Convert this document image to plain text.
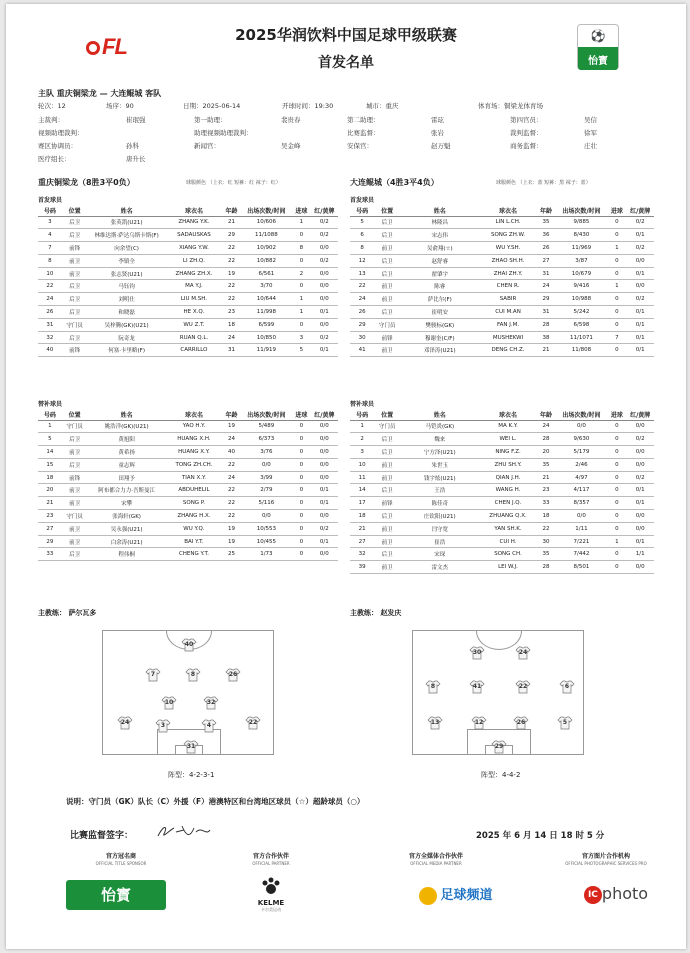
FL	2025华润饮料中国足球甲级联赛
首发名单
⚽
怡寳
主队 重庆铜梁龙 — 大连鲲城 客队
轮次：12	场序：90	日期：2025-06-14	开球时间：19:30	城市：重庆	体育场：铜梁龙体育场
主裁判：	崔珉强	第一助理：	裴贵春	第二助理：	雷玹	第四官员：	吴信
视频助理裁判：	助理视频助理裁判：	比赛监督：	张岩	裁判监督：	徐军
赛区协调员：	孙科	新闻官：	吴金峰	安保官：	赵万魁	商务监督：	庄壮
医疗组长：	唐升长
重庆铜梁龙（8胜3平0负）	球服颜色 （上衣：红 短裤：红 袜子：红）
首发球员
号码	位置	姓名	球衣名	年龄	出场次数/时间	进球	红/黄牌
3	后卫	张英凯(U21)	ZHANG Y.K.	21	10/606	1	0/2
4	后卫	林维达斯·萨达乌斯卡斯(F)	SADAUSKAS	29	11/1088	0	0/2
7	前锋	向余望(C)	XIANG Y.W.	22	10/902	8	0/0
8	前卫	李镇全	LI ZH.Q.	22	10/882	0	0/2
10	前卫	张志贤(U21)	ZHANG ZH.X.	19	6/561	2	0/0
22	后卫	马钰钧	MA Y.J.	22	3/70	0	0/0
24	后卫	刘明仕	LIU M.SH.	22	10/644	1	0/0
26	后卫	和晓磊	HE X.Q.	23	11/998	1	0/1
31	守门员	吴梓腾(GK)(U21)	WU Z.T.	18	6/599	0	0/0
32	后卫	阮奇龙	RUAN Q.L.	24	10/850	3	0/2
40	前锋	何塞·卡里略(F)	CARRILLO	31	11/919	5	0/1
替补球员
号码	位置	姓名	球衣名	年龄	出场次数/时间	进球	红/黄牌
1	守门员	姚浩洋(GK)(U21)	YAO H.Y.	19	5/489	0	0/0
5	后卫	黄旭阳	HUANG X.H.	24	6/373	0	0/0
14	前卫	黄希扬	HUANG X.Y.	40	3/76	0	0/0
15	后卫	童志辉	TONG ZH.CH.	22	0/0	0	0/0
18	前锋	田翔予	TIAN X.Y.	24	3/99	0	0/0
20	前卫	阿布都合力力·吾斯曼江	ABDUHELIL	22	2/79	0	0/1
21	前卫	宋攀	SONG P.	22	5/116	0	0/1
23	守门员	张海轩(GK)	ZHANG H.X.	22	0/0	0	0/0
27	前卫	吴永强(U21)	WU Y.Q.	19	10/553	0	0/2
29	前卫	白余涛(U21)	BAI Y.T.	19	10/455	0	0/1
33	后卫	程伟桐	CHENG Y.T.	25	1/73	0	0/0
大连鲲城（4胜3平4负）	球服颜色 （上衣：蓝 短裤：黑 袜子：蓝）
首发球员
号码	位置	姓名	球衣名	年龄	出场次数/时间	进球	红/黄牌
5	后卫	林隆昌	LIN L.CH.	35	9/885	0	0/2
6	后卫	宋志伟	SONG ZH.W.	36	8/430	0	0/1
8	前卫	吴俞翔(☆)	WU Y.SH.	26	11/969	1	0/2
12	后卫	赵舒睿	ZHAO SH.H.	27	3/87	0	0/0
13	后卫	翟肇宇	ZHAI ZH.Y.	31	10/679	0	0/1
22	前卫	陈睿	CHEN R.	24	9/416	1	0/0
24	前卫	萨比尔(F)	SABIR	29	10/988	0	0/2
26	后卫	崔明安	CUI M.AN	31	5/242	0	0/1
29	守门员	樊骏标(GK)	FAN J.M.	28	6/598	0	0/1
30	前锋	穆谢奎(C/F)	MUSHEKWI	38	11/1071	7	0/1
41	前卫	邓泽涛(U21)	DENG CH.Z.	21	11/808	0	0/1
替补球员
号码	位置	姓名	球衣名	年龄	出场次数/时间	进球	红/黄牌
1	守门员	马铠炎(GK)	MA K.Y.	24	0/0	0	0/0
2	后卫	魏来	WEI L.	28	9/630	0	0/2
3	后卫	宁方泽(U21)	NING F.Z.	20	5/179	0	0/0
10	前卫	朱世玉	ZHU SH.Y.	35	2/46	0	0/0
11	前卫	钱宇炫(U21)	QIAN J.H.	21	4/97	0	0/2
14	后卫	王浩	WANG H.	23	4/117	0	0/1
17	前锋	陈佳奇	CHEN J.Q.	33	8/357	0	0/1
18	后卫	庄钦阳(U21)	ZHUANG Q.X.	18	0/0	0	0/0
21	前卫	闫守宽	YAN SH.K.	22	1/11	0	0/0
27	前卫	崔浩	CUI H.	30	7/221	1	0/1
32	后卫	宋琛	SONG CH.	35	7/442	0	1/1
39	前卫	雷文杰	LEI W.J.	28	8/501	0	0/0
主教练： 萨尔瓦多	主教练： 赵发庆
40
7	8	26
10	32
24	3	4	22
31
阵型：4-2-3-1
30	24
8	41	22	6
13	12	26	5
29
阵型：4-4-2
说明：守门员（GK）队长（C）外援（F）港澳特区和台湾地区球员（☆）超龄球员（○）
比赛监督签字：	2025 年 6 月 14 日 18 时 5 分
官方冠名商
OFFICIAL TITLE SPONSOR
官方合作伙伴
OFFICIAL PARTNER
官方全媒体合作伙伴
OFFICIAL MEDIA PARTNER
官方图片合作机构
OFFICIAL PHOTOGRAPHIC SERVICES PRO
怡寳	KELME
卡尔美运动
足球频道	IC photo
